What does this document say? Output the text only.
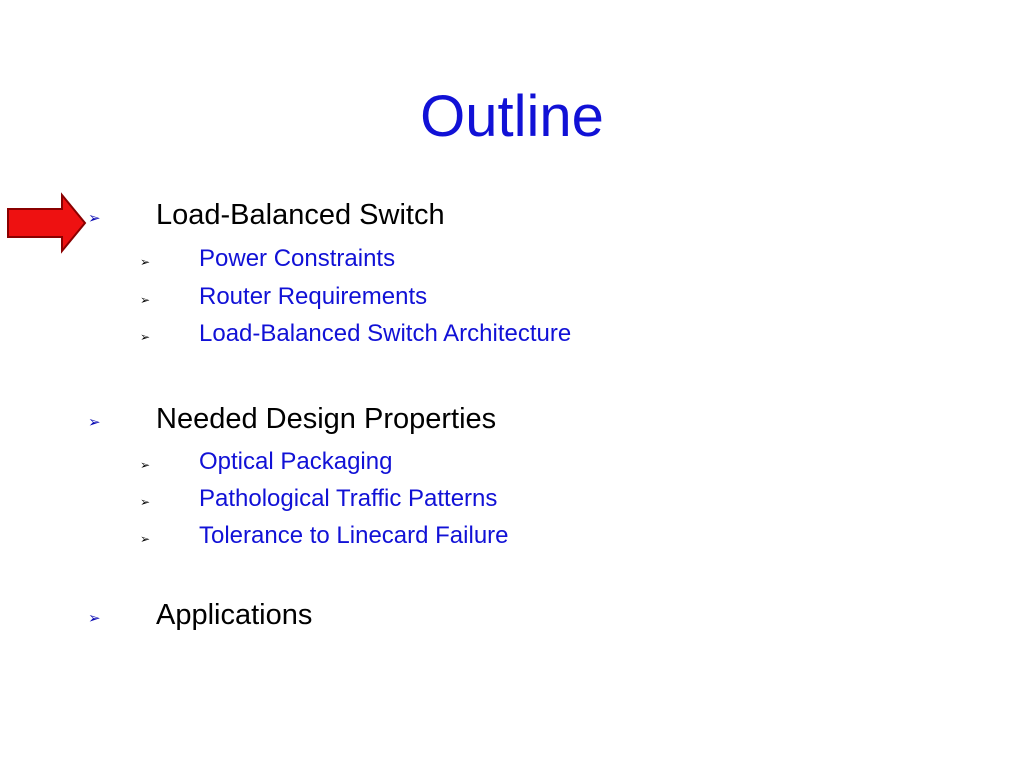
Outline
➢ Load-Balanced Switch
➢ Power Constraints
➢ Router Requirements
➢ Load-Balanced Switch Architecture
➢ Needed Design Properties
➢ Optical Packaging
➢ Pathological Traffic Patterns
➢ Tolerance to Linecard Failure
➢ Applications
